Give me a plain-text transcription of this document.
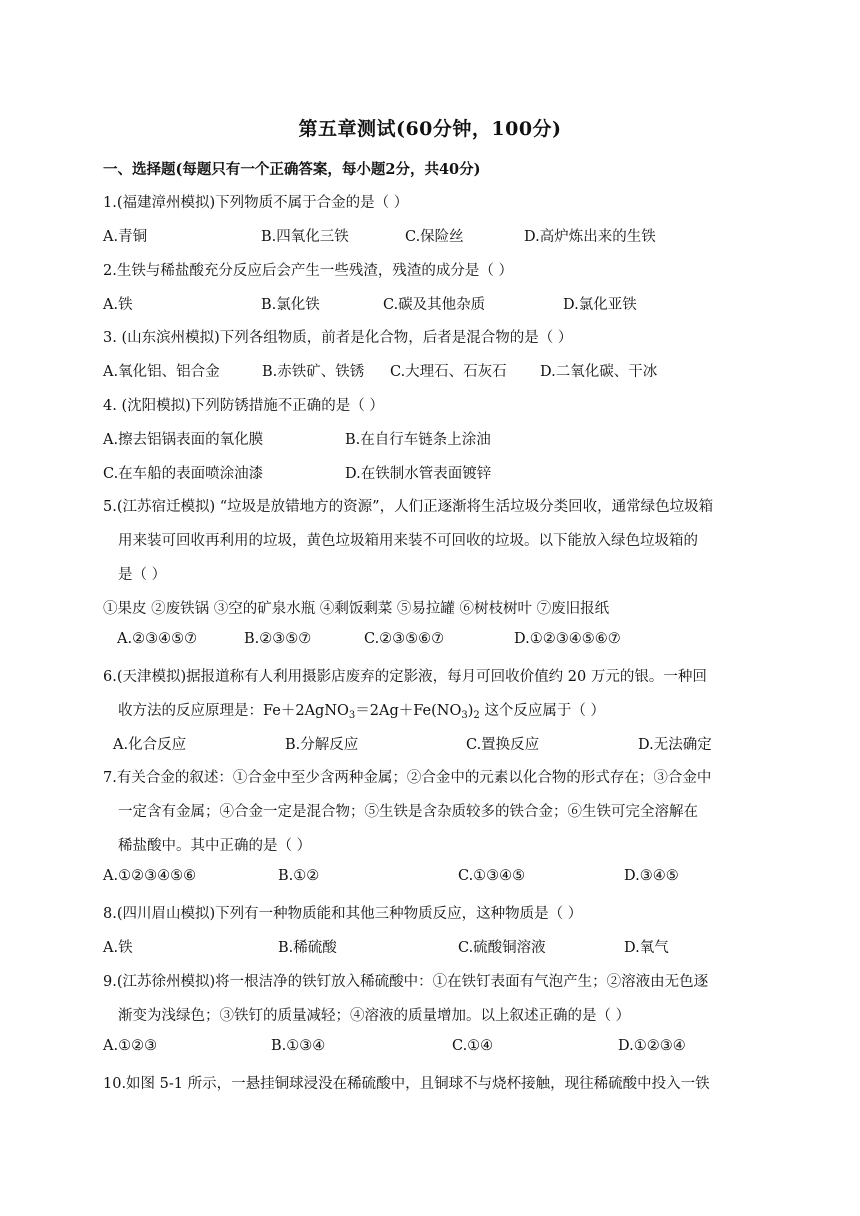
第五章测试(60分钟，100分)
一、选择题(每题只有一个正确答案，每小题2分，共40分)
1.(福建漳州模拟)下列物质不属于合金的是（ ）
A.青铜	B.四氧化三铁	C.保险丝	D.高炉炼出来的生铁
2.生铁与稀盐酸充分反应后会产生一些残渣，残渣的成分是（ ）
A.铁	B.氯化铁	C.碳及其他杂质	D.氯化亚铁
3. (山东滨州模拟)下列各组物质，前者是化合物，后者是混合物的是（ ）
A.氧化铝、铝合金	B.赤铁矿、铁锈 C.大理石、石灰石 D.二氧化碳、干冰
4. (沈阳模拟)下列防锈措施不正确的是（ ）
A.擦去铝锅表面的氧化膜	B.在自行车链条上涂油
C.在车船的表面喷涂油漆	D.在铁制水管表面镀锌
5.(江苏宿迁模拟) “垃圾是放错地方的资源”，人们正逐渐将生活垃圾分类回收，通常绿色垃圾箱
用来装可回收再利用的垃圾，黄色垃圾箱用来装不可回收的垃圾。以下能放入绿色垃圾箱的
是（ ）
①果皮 ②废铁锅 ③空的矿泉水瓶 ④剩饭剩菜 ⑤易拉罐 ⑥树枝树叶 ⑦废旧报纸
A.②③④⑤⑦	B.②③⑤⑦	C.②③⑤⑥⑦	D.①②③④⑤⑥⑦
6.(天津模拟)据报道称有人利用摄影店废弃的定影液，每月可回收价值约 20 万元的银。一种回
收方法的反应原理是：$Fe+2AgNO_3=2Ag+Fe(NO_3)_2$ 这个反应属于（ ）
A.化合反应	B.分解反应	C.置换反应	D.无法确定
7.有关合金的叙述：①合金中至少含两种金属；②合金中的元素以化合物的形式存在；③合金中
一定含有金属；④合金一定是混合物；⑤生铁是含杂质较多的铁合金；⑥生铁可完全溶解在
稀盐酸中。其中正确的是（ ）
A.①②③④⑤⑥	B.①②	C.①③④⑤	D.③④⑤
8.(四川眉山模拟)下列有一种物质能和其他三种物质反应，这种物质是（ ）
A.铁	B.稀硫酸	C.硫酸铜溶液	D.氧气
9.(江苏徐州模拟)将一根洁净的铁钉放入稀硫酸中：①在铁钉表面有气泡产生；②溶液由无色逐
渐变为浅绿色；③铁钉的质量减轻；④溶液的质量增加。以上叙述正确的是（ ）
A.①②③	B.①③④	C.①④	D.①②③④
10.如图 5-1 所示，一悬挂铜球浸没在稀硫酸中，且铜球不与烧杯接触，现往稀硫酸中投入一铁
